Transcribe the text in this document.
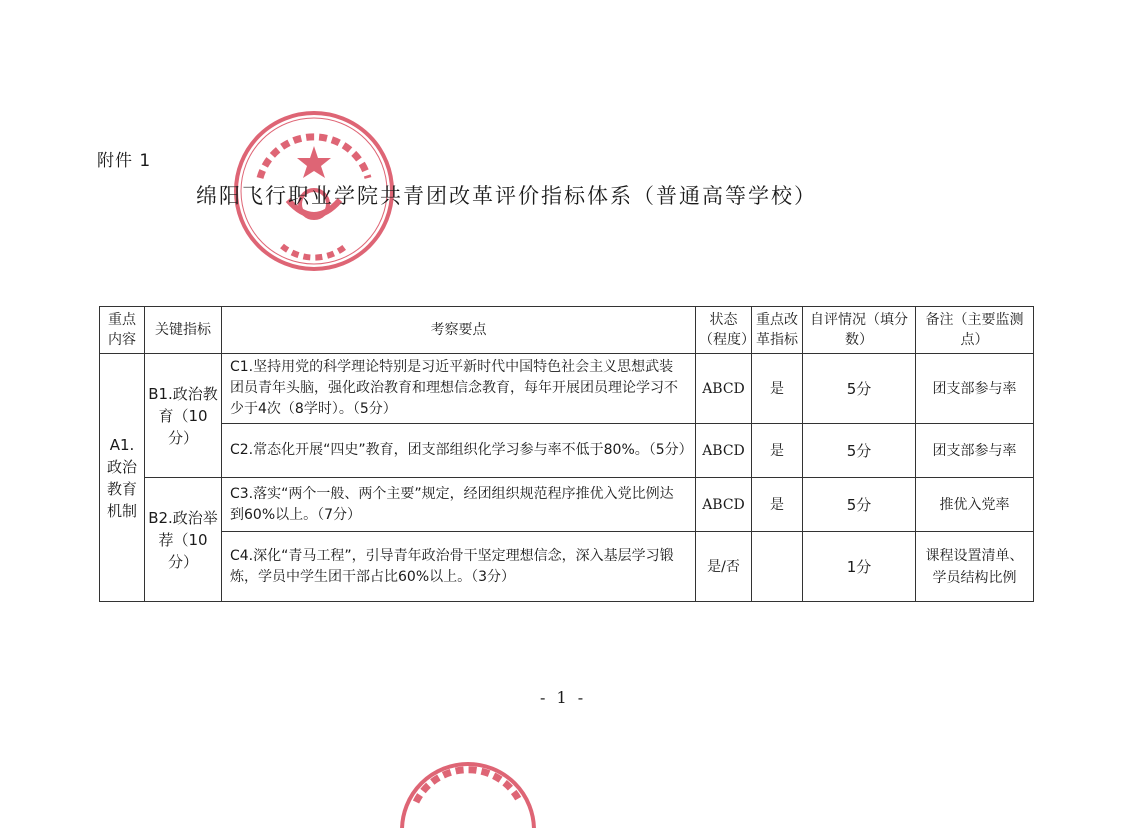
附件 1
绵阳飞行职业学院共青团改革评价指标体系（普通高等学校）
重点内容	关键指标	考察要点	状态（程度）	重点改革指标	自评情况（填分数）	备注（主要监测点）
A1.政治教育机制	B1.政治教育（10分）	C1.坚持用党的科学理论特别是习近平新时代中国特色社会主义思想武装团员青年头脑，强化政治教育和理想信念教育，每年开展团员理论学习不少于4次（8学时）。（5分）	ABCD	是	5分	团支部参与率
		C2.常态化开展“四史”教育，团支部组织化学习参与率不低于80%。（5分）	ABCD	是	5分	团支部参与率
	B2.政治举荐（10分）	C3.落实“两个一般、两个主要”规定，经团组织规范程序推优入党比例达到60%以上。（7分）	ABCD	是	5分	推优入党率
		C4.深化“青马工程”，引导青年政治骨干坚定理想信念，深入基层学习锻炼，学员中学生团干部占比60%以上。（3分）	是/否		1分	课程设置清单、学员结构比例
- 1 -
